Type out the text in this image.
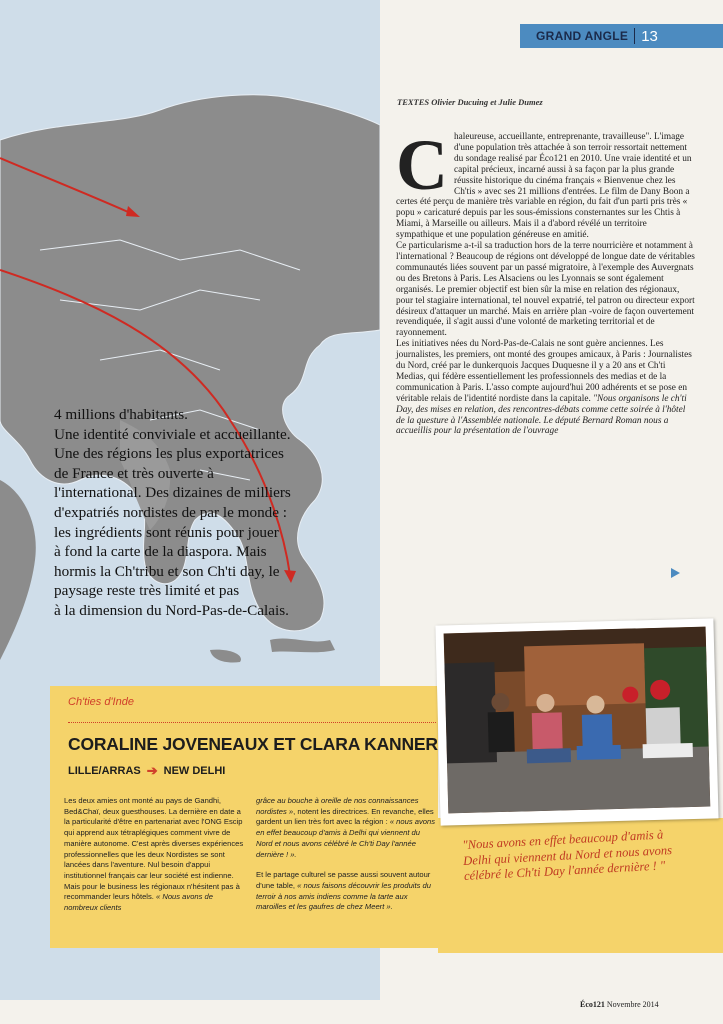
GRAND ANGLE 13
TEXTES Olivier Ducuing et Julie Dumez
C haleureuse, accueillante, entreprenante, travailleuse". L'image d'une population très attachée à son terroir ressortait nettement du sondage realisé par Éco121 en 2010. Une vraie identité et un capital précieux, incarné aussi à sa façon par la plus grande réussite historique du cinéma français « Bienvenue chez les Ch'tis » avec ses 21 millions d'entrées. Le film de Dany Boon a certes été perçu de manière très variable en région, du fait d'un parti pris très « popu » caricaturé depuis par les sous-émissions consternantes sur les Chtis à Miami, à Marseille ou ailleurs. Mais il a d'abord révélé un territoire sympathique et une population généreuse en amitié.

Ce particularisme a-t-il sa traduction hors de la terre nourricière et notamment à l'international ? Beaucoup de régions ont développé de longue date de véritables communautés liées souvent par un passé migratoire, à l'exemple des Auvergnats ou des Bretons à Paris. Les Alsaciens ou les Lyonnais se sont également organisés. Le premier objectif est bien sûr la mise en relation des régionaux, pour tel stagiaire international, tel nouvel expatrié, tel patron ou directeur export désireux d'attaquer un marché. Mais en arrière plan -voire de façon ouvertement revendiquée, il s'agit aussi d'une volonté de marketing territorial et de rayonnement.

Les initiatives nées du Nord-Pas-de-Calais ne sont guère anciennes. Les journalistes, les premiers, ont monté des groupes amicaux, à Paris : Journalistes du Nord, créé par le dunkerquois Jacques Duquesne il y a 20 ans et Ch'ti Medias, qui fédère essentiellement les professionnels des medias et de la communication à Paris. L'asso compte aujourd'hui 200 adhérents et se pose en véritable relais de l'identité nordiste dans la capitale. "Nous organisons le ch'ti Day, des mises en relation, des rencontres-débats comme cette soirée à l'hôtel de la questure à l'Assemblée nationale. Le député Bernard Roman nous a accueillis pour la présentation de l'ouvrage

4 millions d'habitants.
Une identité conviviale et accueillante.
Une des régions les plus exportatrices
de France et très ouverte à
l'international. Des dizaines de milliers
d'expatriés nordistes de par le monde :
les ingrédients sont réunis pour jouer
à fond la carte de la diaspora. Mais
hormis la Ch'tribu et son Ch'ti day, le
paysage reste très limité et pas
à la dimension du Nord-Pas-de-Calais.
Ch'ties d'Inde
CORALINE JOVENEAUX ET CLARA KANNER
LILLE/ARRAS ➔ NEW DELHI

Les deux amies ont monté au pays de Gandhi, Bed&Chaï, deux guesthouses. La dernière en date a la particularité d'être en partenariat avec l'ONG Escip qui apprend aux tétraplégiques comment vivre de manière autonome. C'est après diverses expériences professionnelles que les deux Nordistes se sont lancées dans l'aventure. Nul besoin d'appui institutionnel français car leur société est indienne. Mais pour le business les régionaux n'hésitent pas à recommander leurs hôtels. « Nous avons de nombreux clients

grâce au bouche à oreille de nos connaissances nordistes », notent les directrices. En revanche, elles gardent un lien très fort avec la région : « nous avons en effet beaucoup d'amis à Delhi qui viennent du Nord et nous avons célébré le Ch'ti Day l'année dernière ! ».

Et le partage culturel se passe aussi souvent autour d'une table, « nous faisons découvrir les produits du terroir à nos amis indiens comme la tarte aux maroilles et les gaufres de chez Meert ».

"Nous avons en effet beaucoup d'amis à Delhi qui viennent du Nord et nous avons célébré le Ch'ti Day l'année dernière ! "
Éco121 Novembre 2014
